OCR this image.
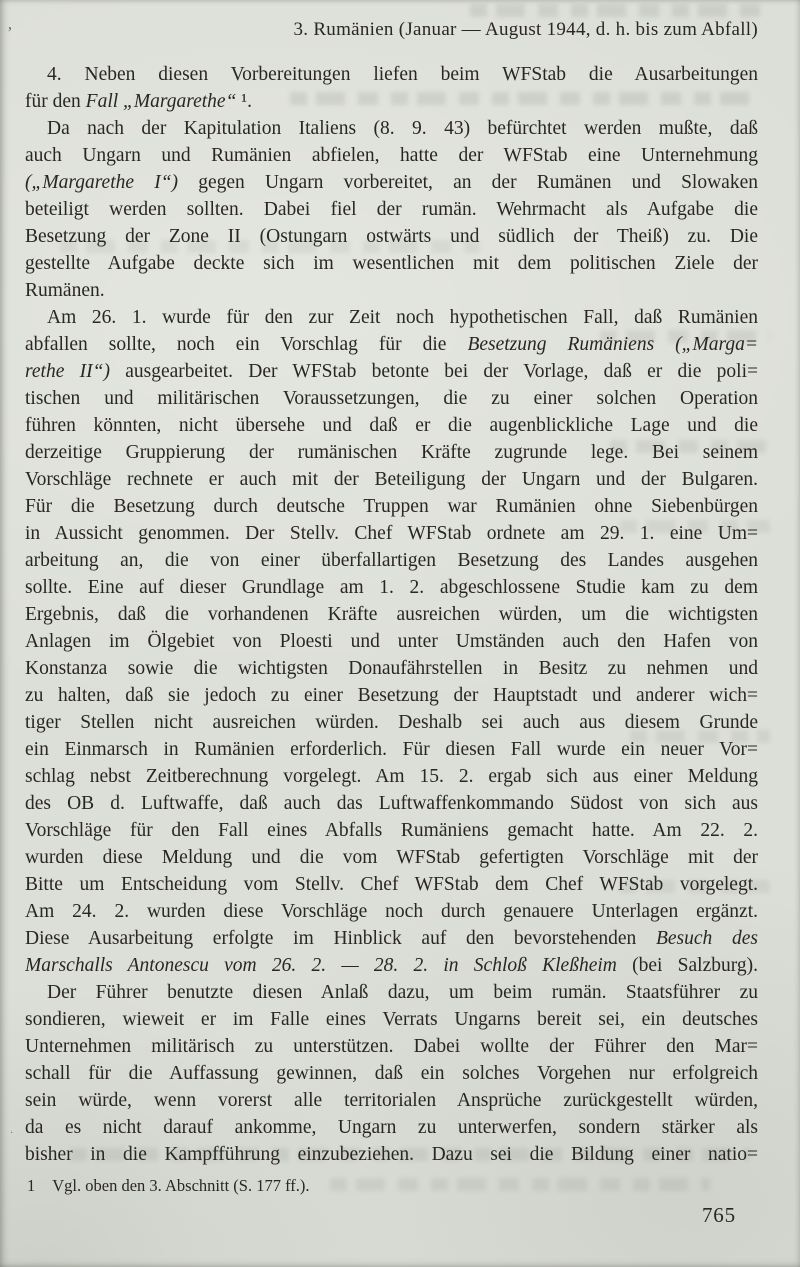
’
·
3. Rumänien (Januar — August 1944, d. h. bis zum Abfall)
4. Neben diesen Vorbereitungen liefen beim WFStab die Ausarbeitungen
für den Fall „Margarethe“ ¹.
Da nach der Kapitulation Italiens (8. 9. 43) befürchtet werden mußte, daß
auch Ungarn und Rumänien abfielen, hatte der WFStab eine Unternehmung
(„Margarethe I“) gegen Ungarn vorbereitet, an der Rumänen und Slowaken
beteiligt werden sollten. Dabei fiel der rumän. Wehrmacht als Aufgabe die
Besetzung der Zone II (Ostungarn ostwärts und südlich der Theiß) zu. Die
gestellte Aufgabe deckte sich im wesentlichen mit dem politischen Ziele der
Rumänen.
Am 26. 1. wurde für den zur Zeit noch hypothetischen Fall, daß Rumänien
abfallen sollte, noch ein Vorschlag für die Besetzung Rumäniens („Marga=
rethe II“) ausgearbeitet. Der WFStab betonte bei der Vorlage, daß er die poli=
tischen und militärischen Voraussetzungen, die zu einer solchen Operation
führen könnten, nicht übersehe und daß er die augenblickliche Lage und die
derzeitige Gruppierung der rumänischen Kräfte zugrunde lege. Bei seinem
Vorschläge rechnete er auch mit der Beteiligung der Ungarn und der Bulgaren.
Für die Besetzung durch deutsche Truppen war Rumänien ohne Siebenbürgen
in Aussicht genommen. Der Stellv. Chef WFStab ordnete am 29. 1. eine Um=
arbeitung an, die von einer überfallartigen Besetzung des Landes ausgehen
sollte. Eine auf dieser Grundlage am 1. 2. abgeschlossene Studie kam zu dem
Ergebnis, daß die vorhandenen Kräfte ausreichen würden, um die wichtigsten
Anlagen im Ölgebiet von Ploesti und unter Umständen auch den Hafen von
Konstanza sowie die wichtigsten Donaufährstellen in Besitz zu nehmen und
zu halten, daß sie jedoch zu einer Besetzung der Hauptstadt und anderer wich=
tiger Stellen nicht ausreichen würden. Deshalb sei auch aus diesem Grunde
ein Einmarsch in Rumänien erforderlich. Für diesen Fall wurde ein neuer Vor=
schlag nebst Zeitberechnung vorgelegt. Am 15. 2. ergab sich aus einer Meldung
des OB d. Luftwaffe, daß auch das Luftwaffenkommando Südost von sich aus
Vorschläge für den Fall eines Abfalls Rumäniens gemacht hatte. Am 22. 2.
wurden diese Meldung und die vom WFStab gefertigten Vorschläge mit der
Bitte um Entscheidung vom Stellv. Chef WFStab dem Chef WFStab vorgelegt.
Am 24. 2. wurden diese Vorschläge noch durch genauere Unterlagen ergänzt.
Diese Ausarbeitung erfolgte im Hinblick auf den bevorstehenden Besuch des
Marschalls Antonescu vom 26. 2. — 28. 2. in Schloß Kleßheim (bei Salzburg).
Der Führer benutzte diesen Anlaß dazu, um beim rumän. Staatsführer zu
sondieren, wieweit er im Falle eines Verrats Ungarns bereit sei, ein deutsches
Unternehmen militärisch zu unterstützen. Dabei wollte der Führer den Mar=
schall für die Auffassung gewinnen, daß ein solches Vorgehen nur erfolgreich
sein würde, wenn vorerst alle territorialen Ansprüche zurückgestellt würden,
da es nicht darauf ankomme, Ungarn zu unterwerfen, sondern stärker als
bisher in die Kampfführung einzubeziehen. Dazu sei die Bildung einer natio=
1 Vgl. oben den 3. Abschnitt (S. 177 ff.).
765
